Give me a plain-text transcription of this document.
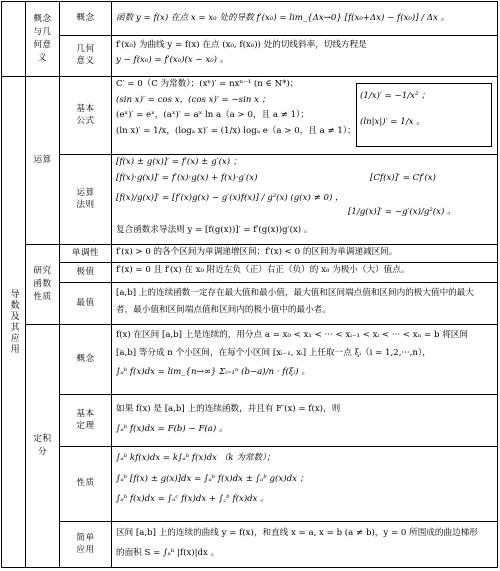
导数及其应用
概念与几何意义
运算
研究函数性质
定积分
概念
几何意义
基本公式
运算法则
单调性
极值
最值
概念
基本定理
性质
简单应用
函数 y = f(x) 在点 x = x₀ 处的导数 f′(x₀) = lim_{Δx→0} [f(x₀+Δx) − f(x₀)] / Δx 。
f′(x₀) 为曲线 y = f(x) 在点 (x₀, f(x₀)) 处的切线斜率，切线方程是
y − f(x₀) = f′(x₀)(x − x₀) 。
C′ = 0（C 为常数）；(xⁿ)′ = nxⁿ⁻¹ (n ∈ N*)；
(sin x)′ = cos x，(cos x)′ = −sin x ；
(eˣ)′ = eˣ，(aˣ)′ = aˣ ln a（a > 0，且 a ≠ 1）；
(ln x)′ = 1/x，(logₐ x)′ = (1/x) logₐ e（a > 0，且 a ≠ 1）；
(1/x)′ = −1/x² ；
(ln|x|)′ = 1/x 。
[f(x) ± g(x)]′ = f′(x) ± g′(x) ；
[f(x)·g(x)]′ = f′(x)·g(x) + f(x)·g′(x)	[Cf(x)]′ = Cf′(x)
[f(x)/g(x)]′ = [f′(x)g(x) − g′(x)f(x)] / g²(x) (g(x) ≠ 0) ，
[1/g(x)]′ = −g′(x)/g²(x) 。
复合函数求导法则 y = [f(g(x))]′ = f′(g(x))g′(x) 。
f′(x) > 0 的各个区间为单调递增区间；f′(x) < 0 的区间为单调递减区间。
f′(x) = 0 且 f′(x) 在 x₀ 附近左负（正）右正（负）的 x₀ 为极小（大）值点。
[a,b] 上的连续函数一定存在最大值和最小值，最大值和区间端点值和区间内的极大值中的最大
者，最小值和区间端点值和区间内的极小值中的最小者。
f(x) 在区间 [a,b] 上是连续的，用分点 a = x₀ < x₁ < ··· < xᵢ₋₁ < xᵢ < ··· < xₙ = b 将区间
[a,b] 等分成 n 个小区间，在每个小区间 [xᵢ₋₁, xᵢ] 上任取一点 ξᵢ（i = 1,2,···,n），
∫ₐᵇ f(x)dx = lim_{n→∞} Σᵢ₌₁ⁿ (b−a)/n · f(ξᵢ) 。
如果 f(x) 是 [a,b] 上的连续函数，并且有 F′(x) = f(x)，则
∫ₐᵇ f(x)dx = F(b) − F(a) 。
∫ₐᵇ kf(x)dx = k∫ₐᵇ f(x)dx （k 为常数）；
∫ₐᵇ [f(x) ± g(x)]dx = ∫ₐᵇ f(x)dx ± ∫ₐᵇ g(x)dx ；
∫ₐᵇ f(x)dx = ∫ₐᶜ f(x)dx + ∫꜀ᵇ f(x)dx 。
区间 [a,b] 上的连续的曲线 y = f(x)，和直线 x = a, x = b (a ≠ b)，y = 0 所围成的曲边梯形
的面积 S = ∫ₐᵇ |f(x)|dx 。
